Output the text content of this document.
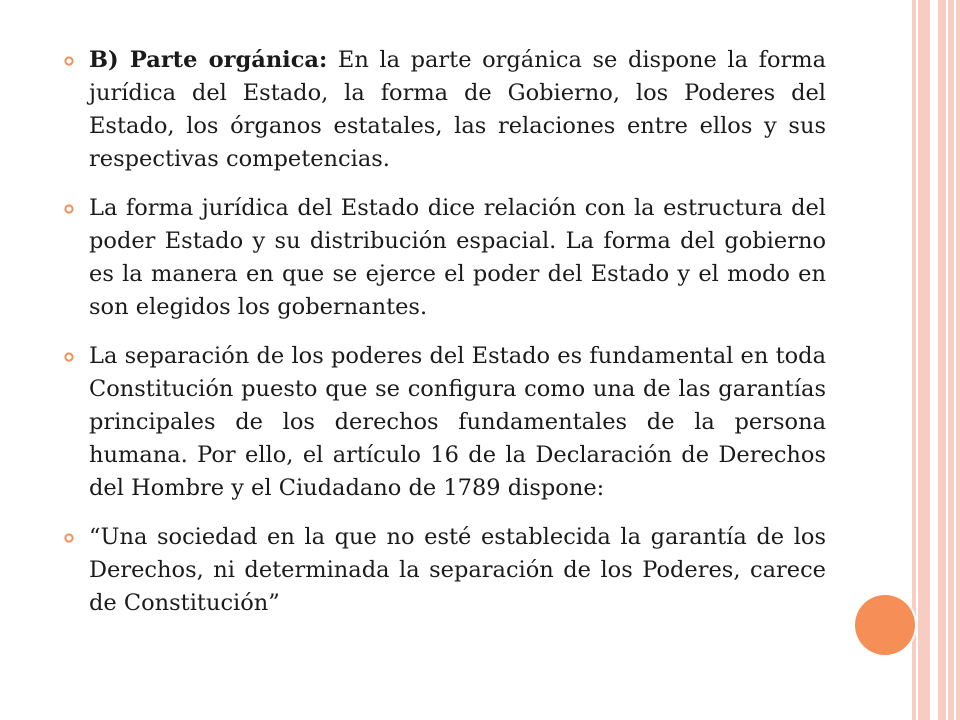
B) Parte orgánica: En la parte orgánica se dispone la forma jurídica del Estado, la forma de Gobierno, los Poderes del Estado, los órganos estatales, las relaciones entre ellos y sus respectivas competencias.
La forma jurídica del Estado dice relación con la estructura del poder Estado y su distribución espacial. La forma del gobierno es la manera en que se ejerce el poder del Estado y el modo en son elegidos los gobernantes.
La separación de los poderes del Estado es fundamental en toda Constitución puesto que se configura como una de las garantías principales de los derechos fundamentales de la persona humana. Por ello, el artículo 16 de la Declaración de Derechos del Hombre y el Ciudadano de 1789 dispone:
“Una sociedad en la que no esté establecida la garantía de los Derechos, ni determinada la separación de los Poderes, carece de Constitución”
